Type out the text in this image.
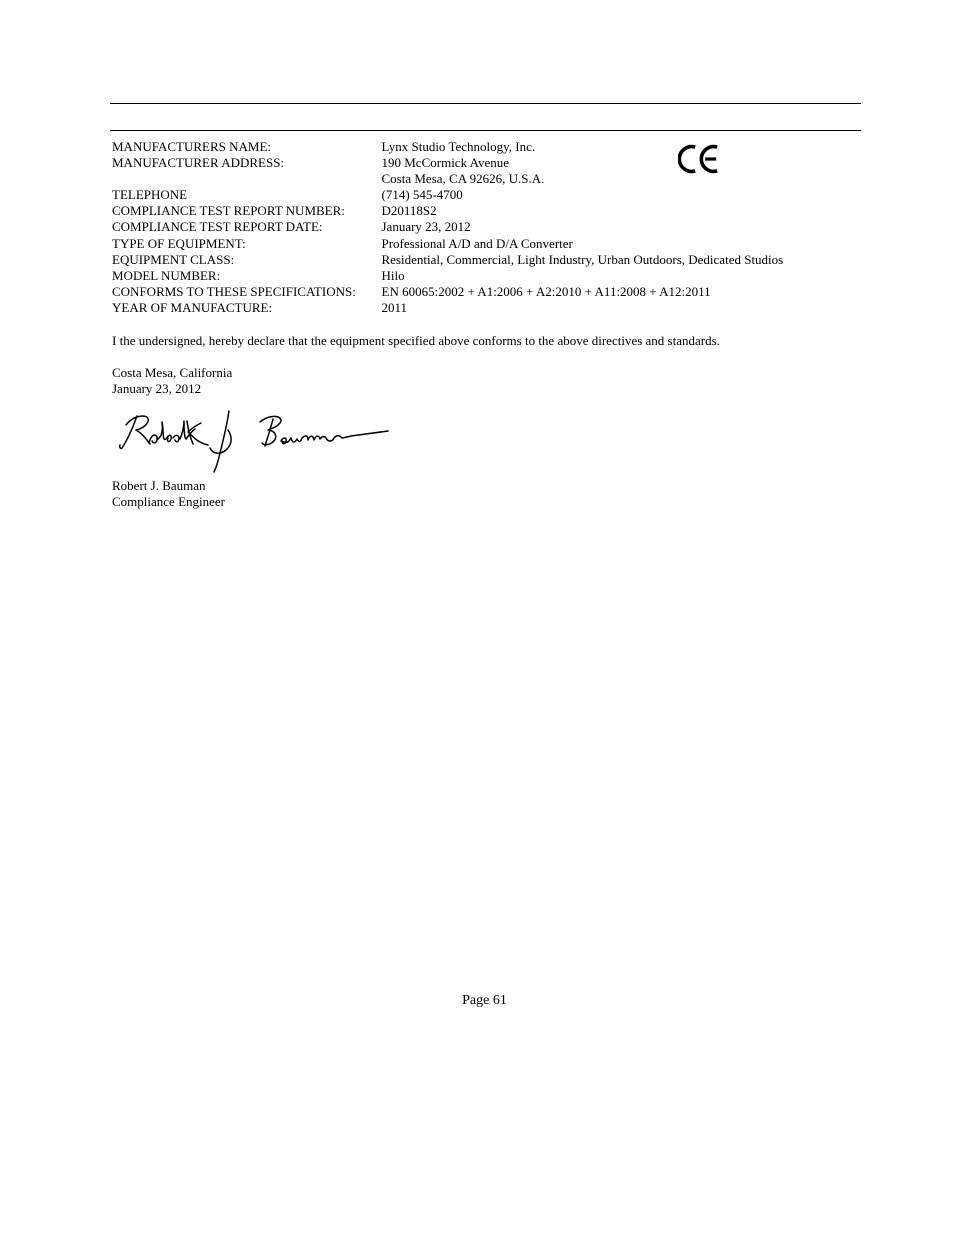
MANUFACTURERS NAME:	Lynx Studio Technology, Inc.
MANUFACTURER ADDRESS:	190 McCormick Avenue
Costa Mesa, CA 92626, U.S.A.
TELEPHONE	(714) 545-4700
COMPLIANCE TEST REPORT NUMBER:	D20118S2
COMPLIANCE TEST REPORT DATE:	January 23, 2012
TYPE OF EQUIPMENT:	Professional A/D and D/A Converter
EQUIPMENT CLASS:	Residential, Commercial, Light Industry, Urban Outdoors, Dedicated Studios
MODEL NUMBER:	Hilo
CONFORMS TO THESE SPECIFICATIONS:	EN 60065:2002 + A1:2006 + A2:2010 + A11:2008 + A12:2011
YEAR OF MANUFACTURE:	2011
I the undersigned, hereby declare that the equipment specified above conforms to the above directives and standards.
Costa Mesa, California
January 23, 2012
Robert J. Bauman
Compliance Engineer
Page 61
